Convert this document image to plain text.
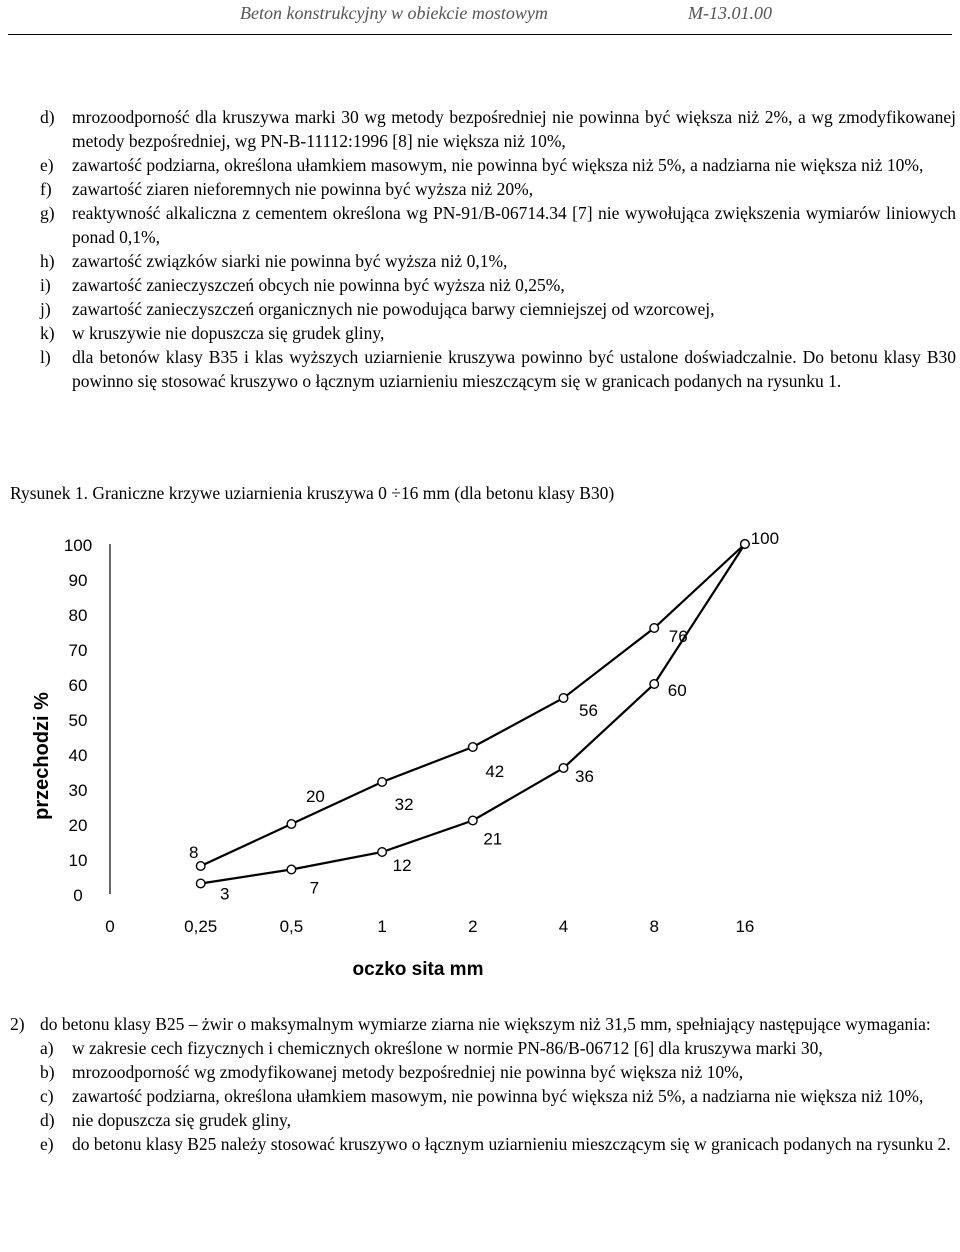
Beton konstrukcyjny w obiekcie mostowym	M-13.01.00
d) mrozoodporność dla kruszywa marki 30 wg metody bezpośredniej nie powinna być większa niż 2%, a wg zmodyfikowanej metody bezpośredniej, wg PN-B-11112:1996 [8] nie większa niż 10%,
e) zawartość podziarna, określona ułamkiem masowym, nie powinna być większa niż 5%, a nadziarna nie większa niż 10%,
f) zawartość ziaren nieforemnych nie powinna być wyższa niż 20%,
g) reaktywność alkaliczna z cementem określona wg PN-91/B-06714.34 [7] nie wywołująca zwiększenia wymiarów liniowych ponad 0,1%,
h) zawartość związków siarki nie powinna być wyższa niż 0,1%,
i) zawartość zanieczyszczeń obcych nie powinna być wyższa niż 0,25%,
j) zawartość zanieczyszczeń organicznych nie powodująca barwy ciemniejszej od wzorcowej,
k) w kruszywie nie dopuszcza się grudek gliny,
l) dla betonów klasy B35 i klas wyższych uziarnienie kruszywa powinno być ustalone doświadczalnie. Do betonu klasy B30 powinno się stosować kruszywo o łącznym uziarnieniu mieszczącym się w granicach podanych na rysunku 1.
Rysunek 1. Graniczne krzywe uziarnienia kruszywa 0 ÷16 mm (dla betonu klasy B30)
0
10
20
30
40
50
60
70
80
90
100
0	0,25	0,5	1	2	4	8	16
oczko sita mm
przechodzi %
8
20	32
42
56
76
100
3	7
12
21
36
60
2) do betonu klasy B25 – żwir o maksymalnym wymiarze ziarna nie większym niż 31,5 mm, spełniający następujące wymagania:
a) w zakresie cech fizycznych i chemicznych określone w normie PN-86/B-06712 [6] dla kruszywa marki 30,
b) mrozoodporność wg zmodyfikowanej metody bezpośredniej nie powinna być większa niż 10%,
c) zawartość podziarna, określona ułamkiem masowym, nie powinna być większa niż 5%, a nadziarna nie większa niż 10%,
d) nie dopuszcza się grudek gliny,
e) do betonu klasy B25 należy stosować kruszywo o łącznym uziarnieniu mieszczącym się w granicach podanych na rysunku 2.
